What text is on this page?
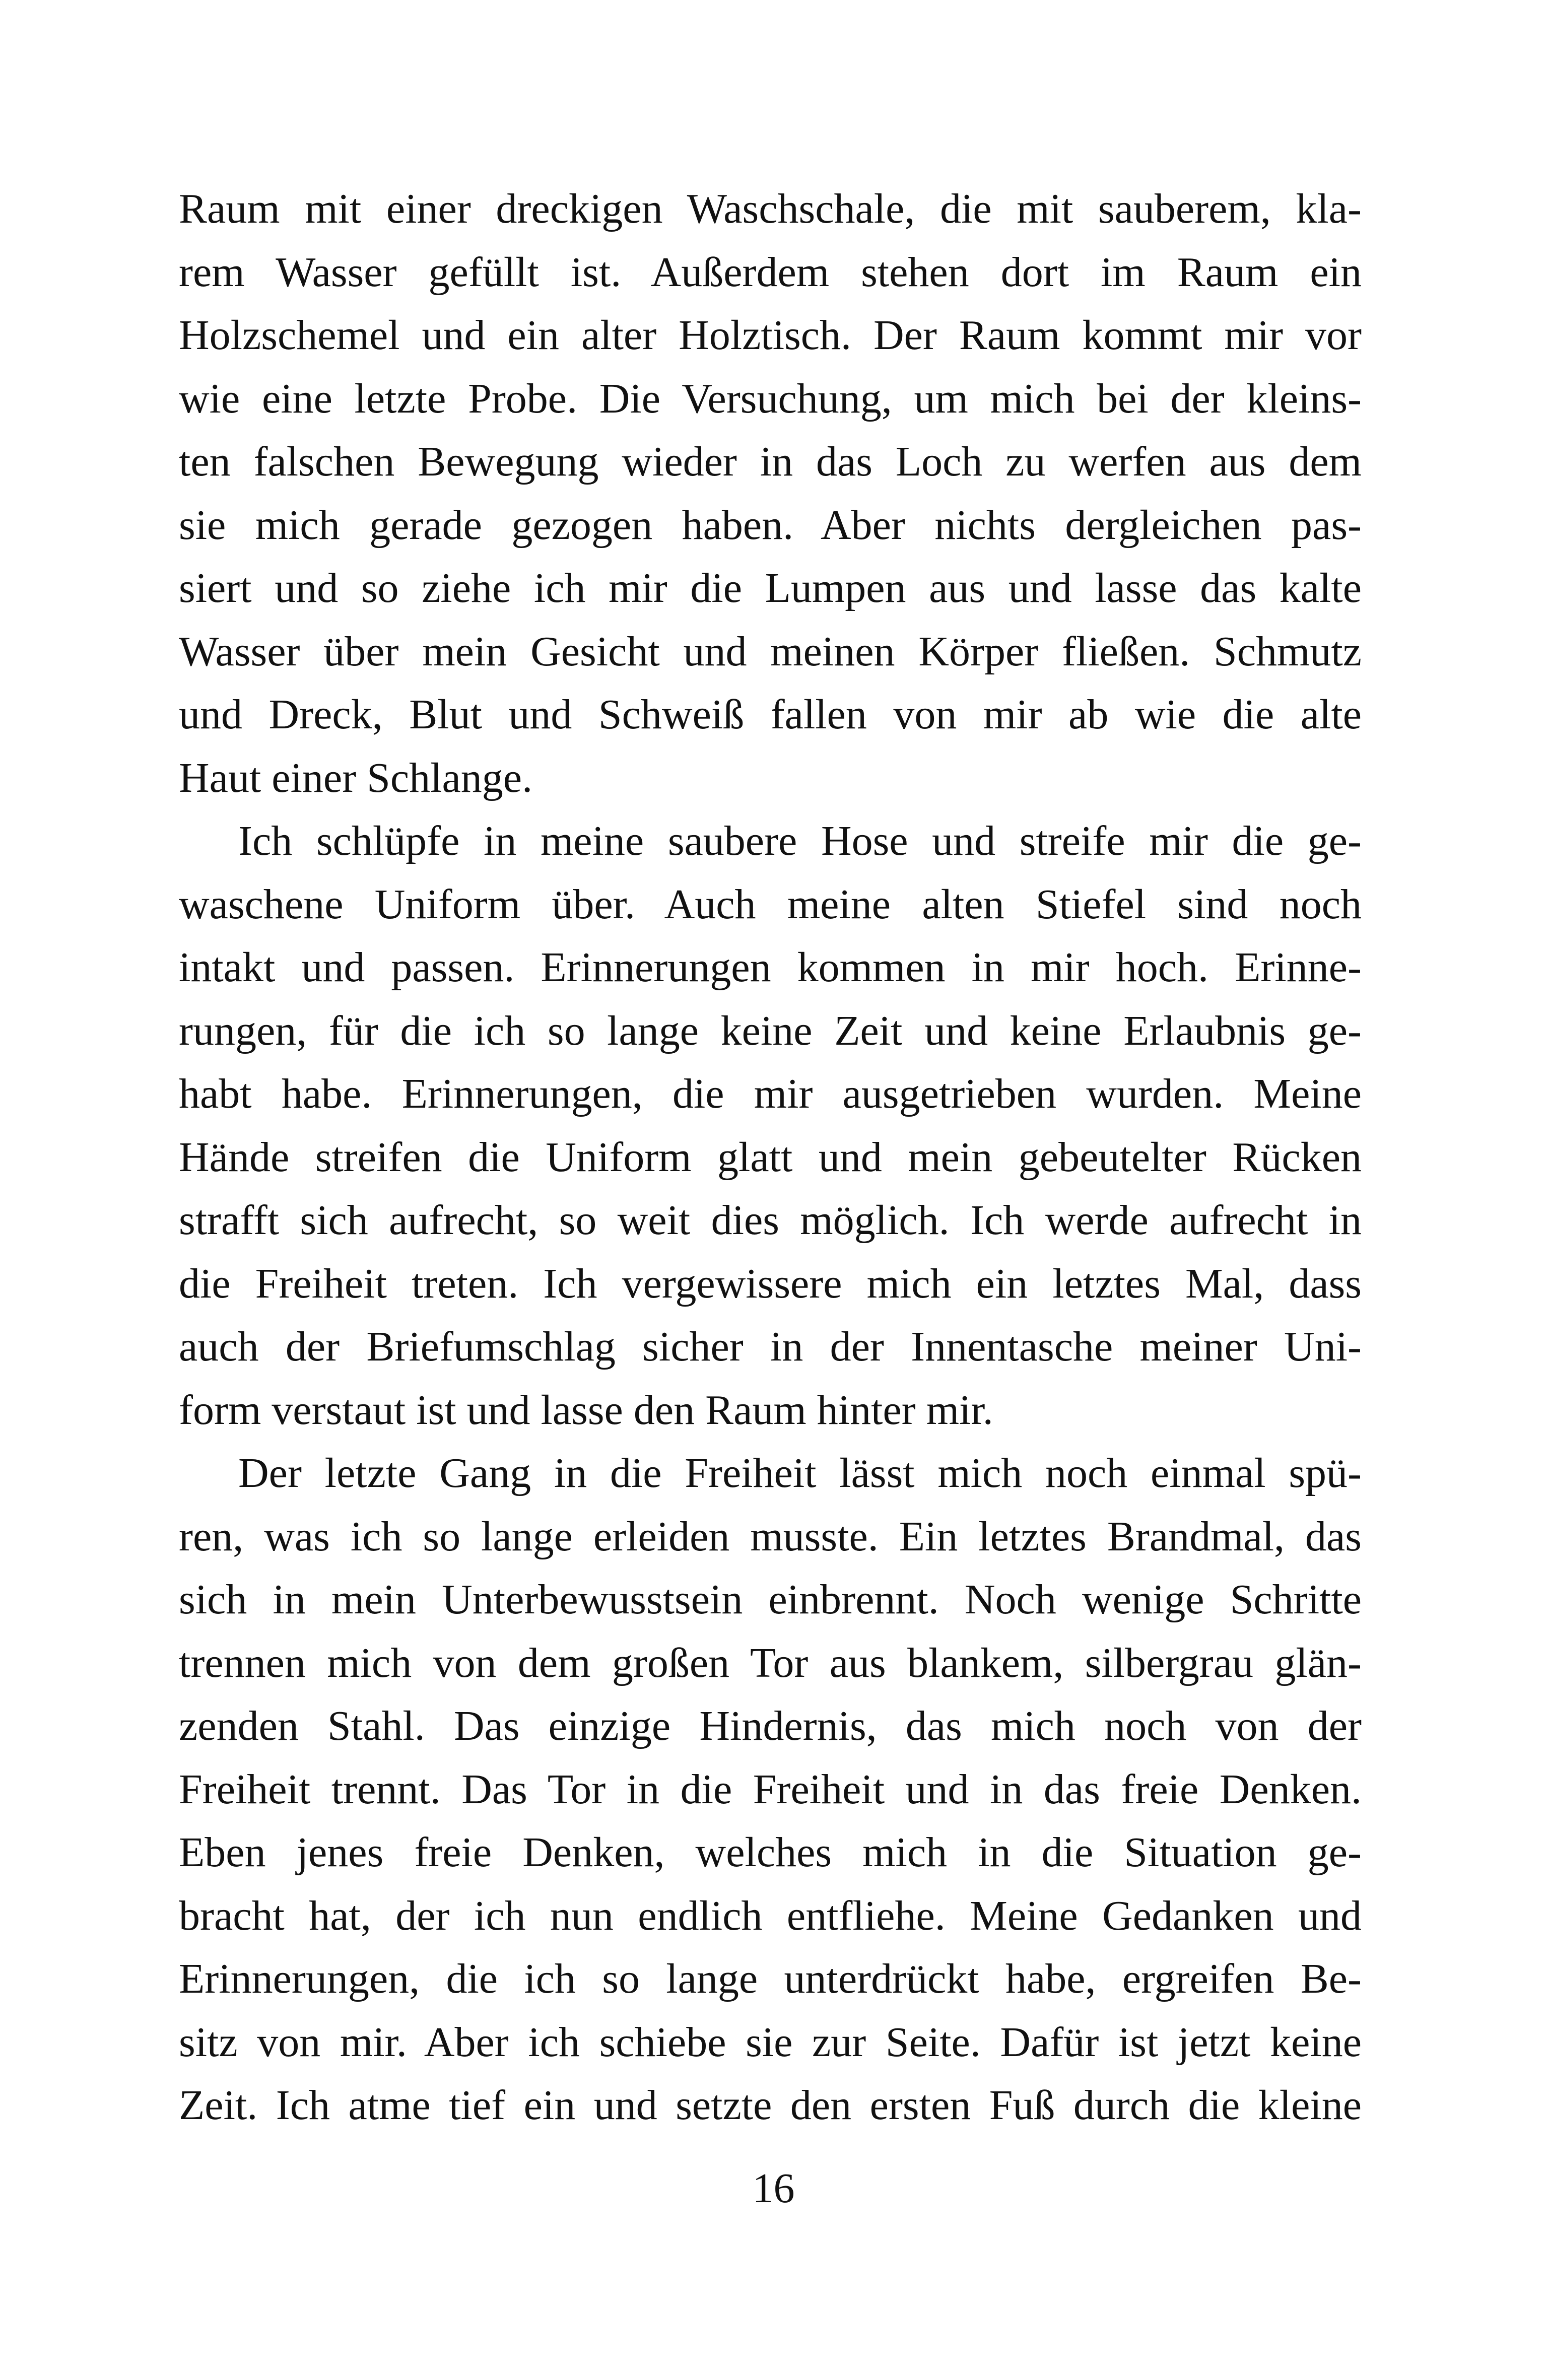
Raum mit einer dreckigen Waschschale, die mit sauberem, kla-
rem Wasser gefüllt ist. Außerdem stehen dort im Raum ein
Holzschemel und ein alter Holztisch. Der Raum kommt mir vor
wie eine letzte Probe. Die Versuchung, um mich bei der kleins-
ten falschen Bewegung wieder in das Loch zu werfen aus dem
sie mich gerade gezogen haben. Aber nichts dergleichen pas-
siert und so ziehe ich mir die Lumpen aus und lasse das kalte
Wasser über mein Gesicht und meinen Körper fließen. Schmutz
und Dreck, Blut und Schweiß fallen von mir ab wie die alte
Haut einer Schlange.
Ich schlüpfe in meine saubere Hose und streife mir die ge-
waschene Uniform über. Auch meine alten Stiefel sind noch
intakt und passen. Erinnerungen kommen in mir hoch. Erinne-
rungen, für die ich so lange keine Zeit und keine Erlaubnis ge-
habt habe. Erinnerungen, die mir ausgetrieben wurden. Meine
Hände streifen die Uniform glatt und mein gebeutelter Rücken
strafft sich aufrecht, so weit dies möglich. Ich werde aufrecht in
die Freiheit treten. Ich vergewissere mich ein letztes Mal, dass
auch der Briefumschlag sicher in der Innentasche meiner Uni-
form verstaut ist und lasse den Raum hinter mir.
Der letzte Gang in die Freiheit lässt mich noch einmal spü-
ren, was ich so lange erleiden musste. Ein letztes Brandmal, das
sich in mein Unterbewusstsein einbrennt. Noch wenige Schritte
trennen mich von dem großen Tor aus blankem, silbergrau glän-
zenden Stahl. Das einzige Hindernis, das mich noch von der
Freiheit trennt. Das Tor in die Freiheit und in das freie Denken.
Eben jenes freie Denken, welches mich in die Situation ge-
bracht hat, der ich nun endlich entfliehe. Meine Gedanken und
Erinnerungen, die ich so lange unterdrückt habe, ergreifen Be-
sitz von mir. Aber ich schiebe sie zur Seite. Dafür ist jetzt keine
Zeit. Ich atme tief ein und setzte den ersten Fuß durch die kleine
16
